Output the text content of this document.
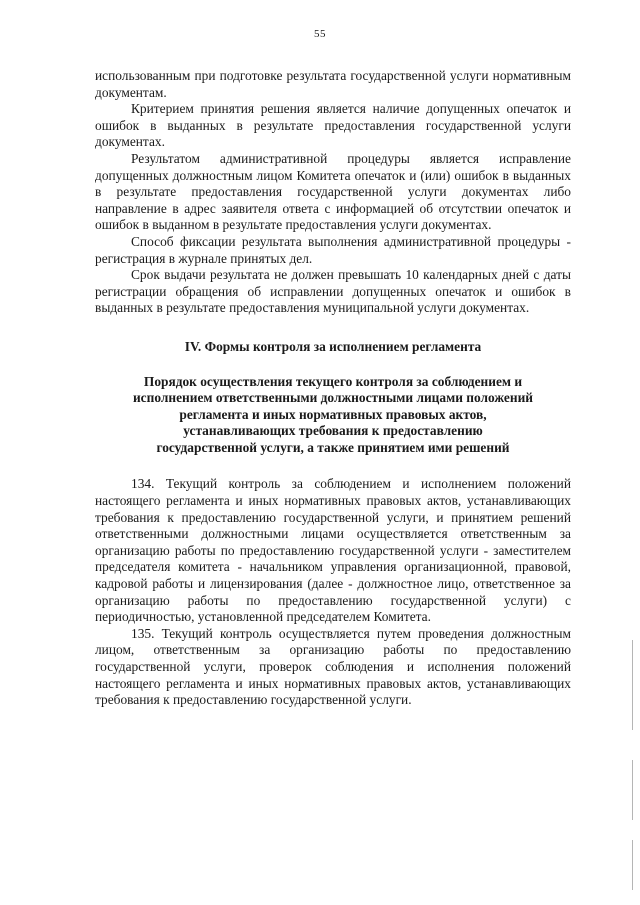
55

использованным при подготовке результата государственной услуги нормативным документам.

Критерием принятия решения является наличие допущенных опечаток и ошибок в выданных в результате предоставления государственной услуги документах.

Результатом административной процедуры является исправление допущенных должностным лицом Комитета опечаток и (или) ошибок в выданных в результате предоставления государственной услуги документах либо направление в адрес заявителя ответа с информацией об отсутствии опечаток и ошибок в выданном в результате предоставления услуги документах.

Способ фиксации результата выполнения административной процедуры - регистрация в журнале принятых дел.

Срок выдачи результата не должен превышать 10 календарных дней с даты регистрации обращения об исправлении допущенных опечаток и ошибок в выданных в результате предоставления муниципальной услуги документах.

IV. Формы контроля за исполнением регламента

Порядок осуществления текущего контроля за соблюдением и
исполнением ответственными должностными лицами положений
регламента и иных нормативных правовых актов,
устанавливающих требования к предоставлению
государственной услуги, а также принятием ими решений

134. Текущий контроль за соблюдением и исполнением положений настоящего регламента и иных нормативных правовых актов, устанавливающих требования к предоставлению государственной услуги, и принятием решений ответственными должностными лицами осуществляется ответственным за организацию работы по предоставлению государственной услуги - заместителем председателя комитета - начальником управления организационной, правовой, кадровой работы и лицензирования (далее - должностное лицо, ответственное за организацию работы по предоставлению государственной услуги) с периодичностью, установленной председателем Комитета.

135. Текущий контроль осуществляется путем проведения должностным лицом, ответственным за организацию работы по предоставлению государственной услуги, проверок соблюдения и исполнения положений настоящего регламента и иных нормативных правовых актов, устанавливающих требования к предоставлению государственной услуги.
